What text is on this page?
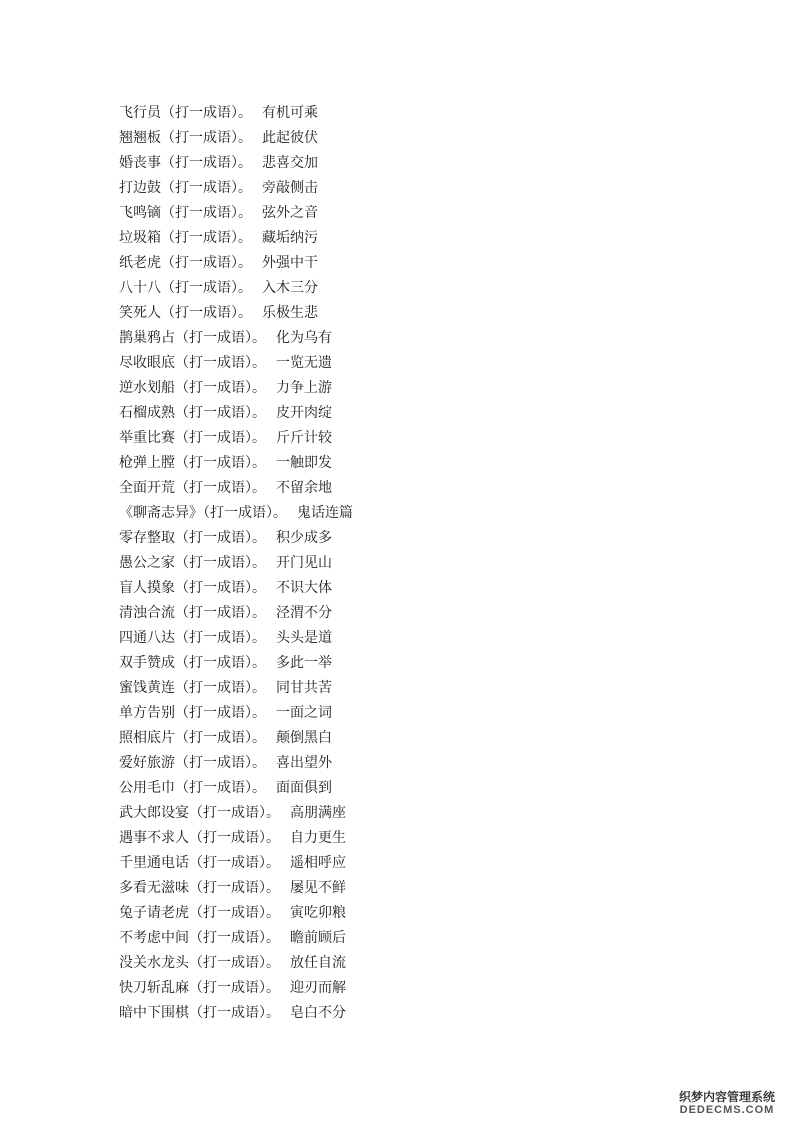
飞行员（打一成语）。 有机可乘
翘翘板（打一成语）。 此起彼伏
婚丧事（打一成语）。 悲喜交加
打边鼓（打一成语）。 旁敲侧击
飞鸣镝（打一成语）。 弦外之音
垃圾箱（打一成语）。 藏垢纳污
纸老虎（打一成语）。 外强中干
八十八（打一成语）。 入木三分
笑死人（打一成语）。 乐极生悲
鹊巢鸦占（打一成语）。 化为乌有
尽收眼底（打一成语）。 一览无遗
逆水划船（打一成语）。 力争上游
石榴成熟（打一成语）。 皮开肉绽
举重比赛（打一成语）。 斤斤计较
枪弹上膛（打一成语）。 一触即发
全面开荒（打一成语）。 不留余地
《聊斋志异》（打一成语）。 鬼话连篇
零存整取（打一成语）。 积少成多
愚公之家（打一成语）。 开门见山
盲人摸象（打一成语）。 不识大体
清浊合流（打一成语）。 泾渭不分
四通八达（打一成语）。 头头是道
双手赞成（打一成语）。 多此一举
蜜饯黄连（打一成语）。 同甘共苦
单方告别（打一成语）。 一面之词
照相底片（打一成语）。 颠倒黑白
爱好旅游（打一成语）。 喜出望外
公用毛巾（打一成语）。 面面俱到
武大郎设宴（打一成语）。 高朋满座
遇事不求人（打一成语）。 自力更生
千里通电话（打一成语）。 遥相呼应
多看无滋味（打一成语）。 屡见不鲜
兔子请老虎（打一成语）。 寅吃卯粮
不考虑中间（打一成语）。 瞻前顾后
没关水龙头（打一成语）。 放任自流
快刀斩乱麻（打一成语）。 迎刃而解
暗中下围棋（打一成语）。 皂白不分
织梦内容管理系统
DEDECMS.COM
